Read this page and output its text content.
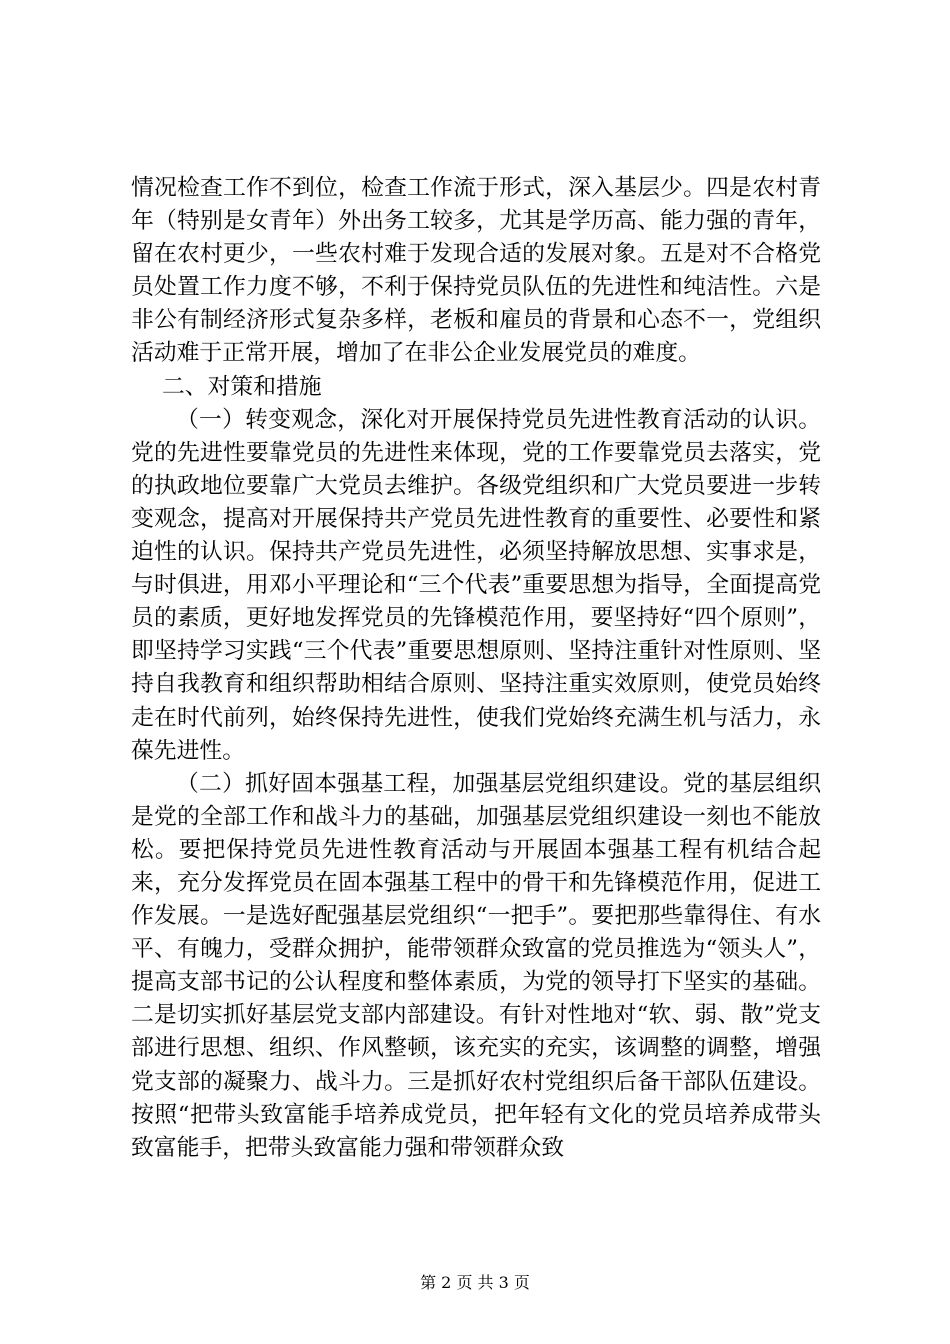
情况检查工作不到位，检查工作流于形式，深入基层少。四是农村青年（特别是女青年）外出务工较多，尤其是学历高、能力强的青年，留在农村更少，一些农村难于发现合适的发展对象。五是对不合格党员处置工作力度不够，不利于保持党员队伍的先进性和纯洁性。六是非公有制经济形式复杂多样，老板和雇员的背景和心态不一，党组织活动难于正常开展，增加了在非公企业发展党员的难度。

二、对策和措施

（一）转变观念，深化对开展保持党员先进性教育活动的认识。党的先进性要靠党员的先进性来体现，党的工作要靠党员去落实，党的执政地位要靠广大党员去维护。各级党组织和广大党员要进一步转变观念，提高对开展保持共产党员先进性教育的重要性、必要性和紧迫性的认识。保持共产党员先进性，必须坚持解放思想、实事求是，与时俱进，用邓小平理论和“三个代表”重要思想为指导，全面提高党员的素质，更好地发挥党员的先锋模范作用，要坚持好“四个原则”，即坚持学习实践“三个代表”重要思想原则、坚持注重针对性原则、坚持自我教育和组织帮助相结合原则、坚持注重实效原则，使党员始终走在时代前列，始终保持先进性，使我们党始终充满生机与活力，永葆先进性。

（二）抓好固本强基工程，加强基层党组织建设。党的基层组织是党的全部工作和战斗力的基础，加强基层党组织建设一刻也不能放松。要把保持党员先进性教育活动与开展固本强基工程有机结合起来，充分发挥党员在固本强基工程中的骨干和先锋模范作用，促进工作发展。一是选好配强基层党组织“一把手”。要把那些靠得住、有水平、有魄力，受群众拥护，能带领群众致富的党员推选为“领头人”，提高支部书记的公认程度和整体素质，为党的领导打下坚实的基础。二是切实抓好基层党支部内部建设。有针对性地对“软、弱、散”党支部进行思想、组织、作风整顿，该充实的充实，该调整的调整，增强党支部的凝聚力、战斗力。三是抓好农村党组织后备干部队伍建设。按照“把带头致富能手培养成党员，把年轻有文化的党员培养成带头致富能手，把带头致富能力强和带领群众致

第 2 页 共 3 页
